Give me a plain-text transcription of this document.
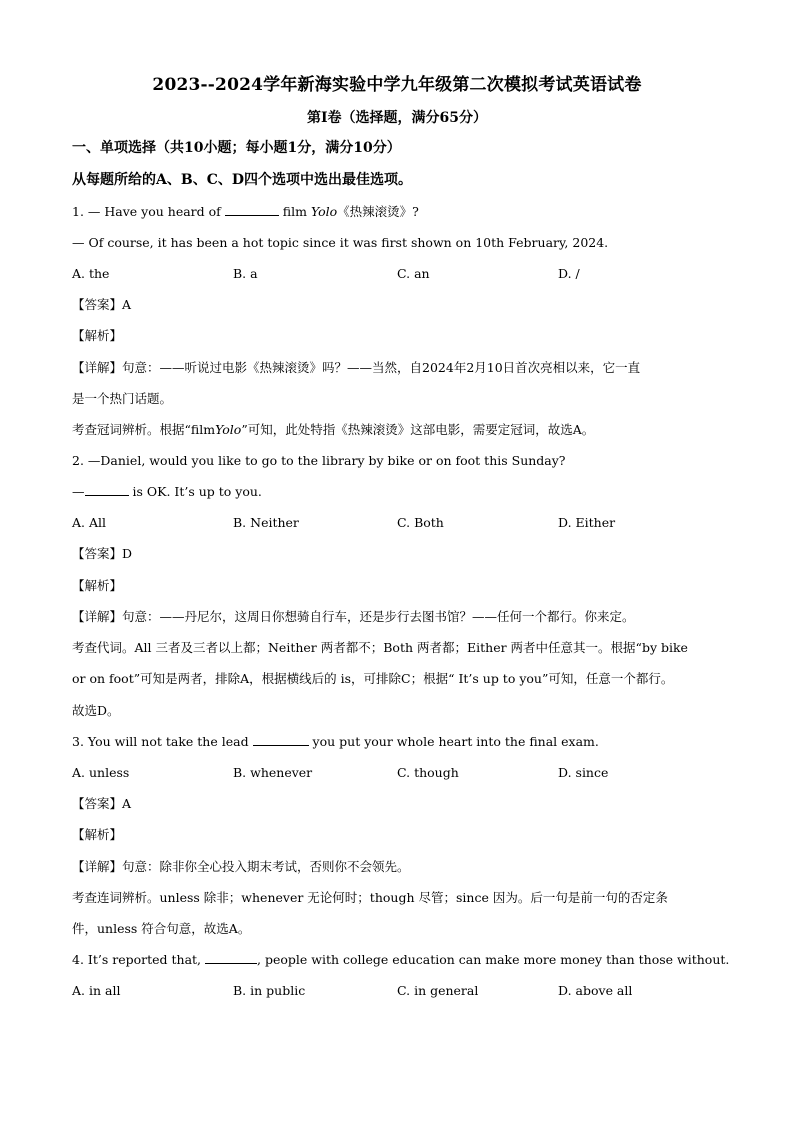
2023--2024学年新海实验中学九年级第二次模拟考试英语试卷
第Ⅰ卷（选择题，满分65分）
一、单项选择（共10小题；每小题1分，满分10分）
从每题所给的A、B、C、D四个选项中选出最佳选项。
1. — Have you heard of	film Yolo《热辣滚烫》?
— Of course, it has been a hot topic since it was first shown on 10th February, 2024.
A. the	B. a	C. an	D. /
【答案】A
【解析】
【详解】句意：——听说过电影《热辣滚烫》吗？——当然，自2024年2月10日首次亮相以来，它一直
是一个热门话题。
考查冠词辨析。根据“filmYolo”可知，此处特指《热辣滚烫》这部电影，需要定冠词，故选A。
2. —Daniel, would you like to go to the library by bike or on foot this Sunday?
—	is OK. It’s up to you.
A. All	B. Neither	C. Both	D. Either
【答案】D
【解析】
【详解】句意：——丹尼尔，这周日你想骑自行车，还是步行去图书馆？——任何一个都行。你来定。
考查代词。All 三者及三者以上都；Neither 两者都不；Both 两者都；Either 两者中任意其一。根据“by bike
or on foot”可知是两者，排除A，根据横线后的 is，可排除C；根据“ It’s up to you”可知，任意一个都行。
故选D。
3. You will not take the lead	you put your whole heart into the final exam.
A. unless	B. whenever	C. though	D. since
【答案】A
【解析】
【详解】句意：除非你全心投入期末考试，否则你不会领先。
考查连词辨析。unless 除非；whenever 无论何时；though 尽管；since 因为。后一句是前一句的否定条
件，unless 符合句意，故选A。
4. It’s reported that,	, people with college education can make more money than those without.
A. in all	B. in public	C. in general	D. above all
